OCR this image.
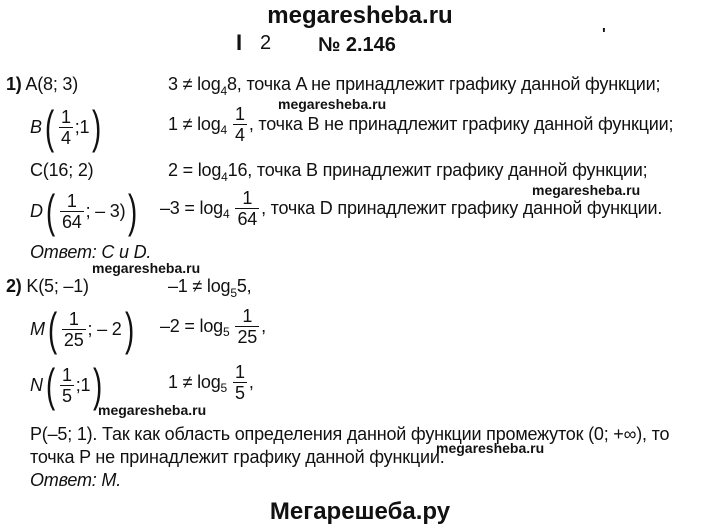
megaresheba.ru
I 2 № 2.146	'
1) A(8; 3)	$3 \ne \log_48$, точка A не принадлежит графику данной функции;
megaresheba.ru
B ( $\frac{1}{4}$ ;1 )	$1 \ne \log 4 \frac{1}{4}$ , точка B не принадлежит графику данной функции;
C(16; 2)	$2 = \log_416$, точка B принадлежит графику данной функции;
megaresheba.ru
D ( $\frac{1}{64}$ ; – 3) ) $-3 = \log 4 \frac{1}{64}$ , точка D принадлежит графику данной функции.
Ответ: C и D.
megaresheba.ru
2) K(5; –1)	$-1 \ne \log_55$,
M ( $\frac{1}{25}$ ; – 2 ) $-2 = \log 5 \frac{1}{25}$ ,
N ( $\frac{1}{5}$ ;1 )	$1 \ne \log 5 \frac{1}{5}$ ,
megaresheba.ru
P(–5; 1). Так как область определения данной функции промежуток (0; +∞), то
точка P не принадлежит графику данной функции.
megaresheba.ru
Ответ: M.
Мегарешеба.ру
